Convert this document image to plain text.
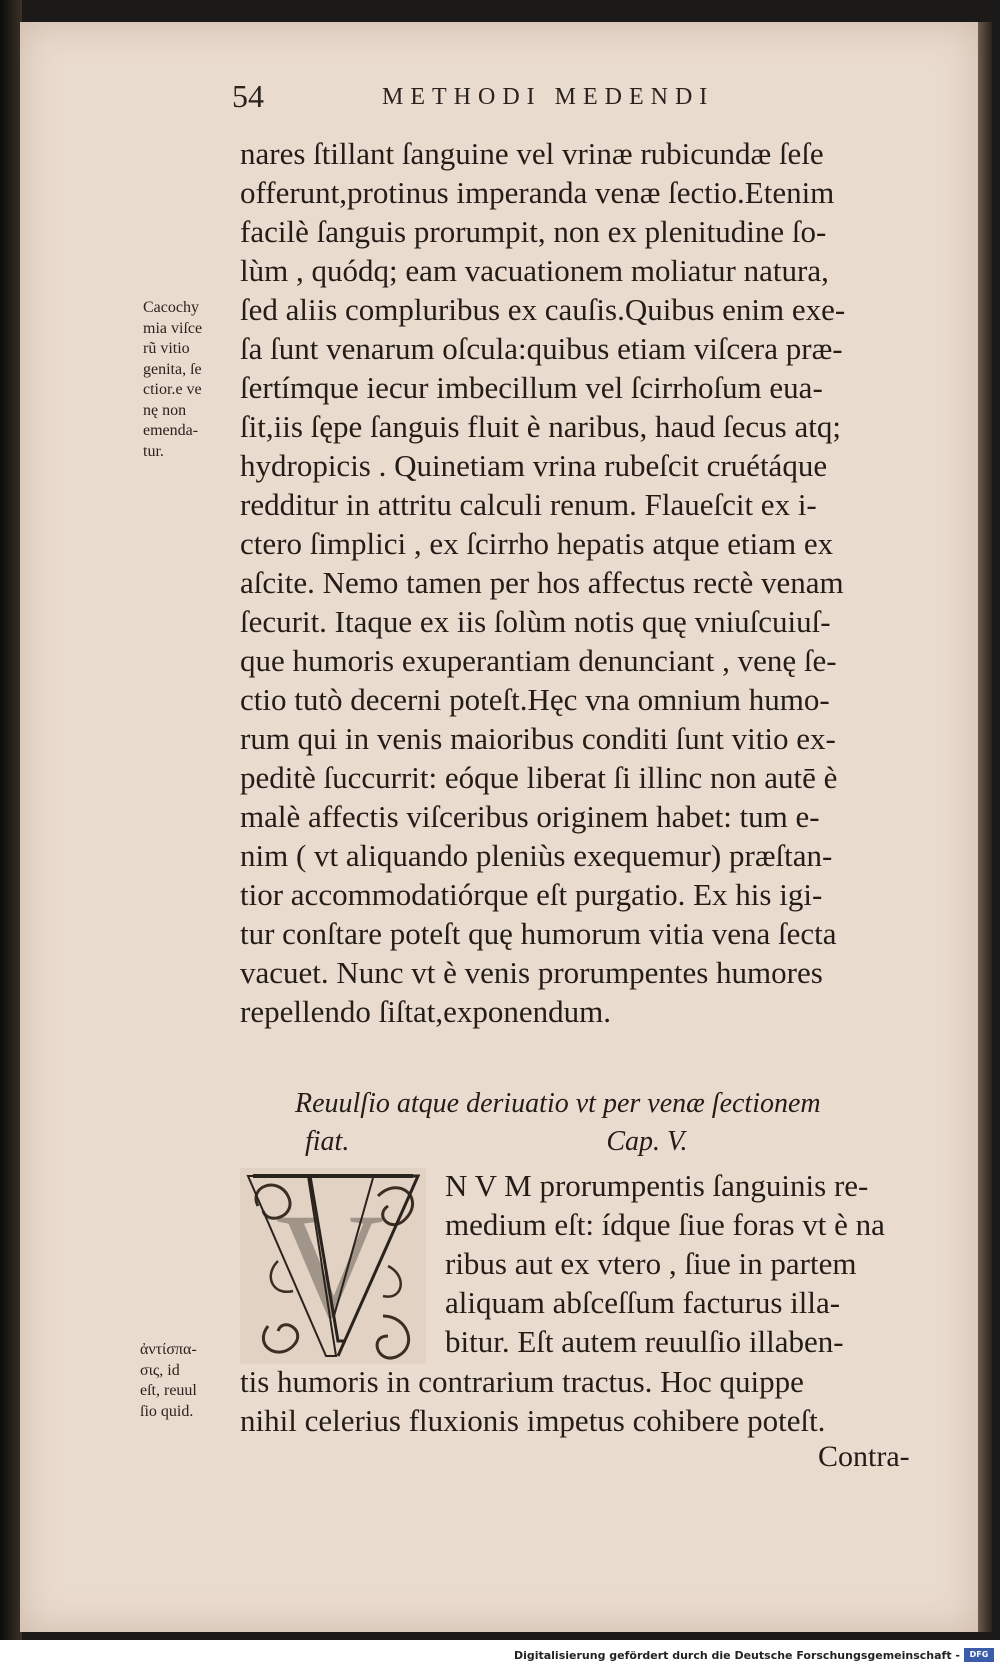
54	METHODI MEDENDI
nares ſtillant ſanguine vel vrinæ rubicundæ ſeſe
offerunt,protinus imperanda venæ ſectio.Etenim
facilè ſanguis prorumpit, non ex plenitudine ſo-
lùm , quódq; eam vacuationem moliatur natura,
ſed aliis compluribus ex cauſis.Quibus enim exe-
ſa ſunt venarum oſcula:quibus etiam viſcera præ-
ſertímque iecur imbecillum vel ſcirrhoſum eua-
ſit,iis ſępe ſanguis fluit è naribus, haud ſecus atq;
hydropicis . Quinetiam vrina rubeſcit cruétáque
redditur in attritu calculi renum. Flaueſcit ex i-
ctero ſimplici , ex ſcirrho hepatis atque etiam ex
aſcite. Nemo tamen per hos affectus rectè venam
ſecurit. Itaque ex iis ſolùm notis quę vniuſcuiuſ-
que humoris exuperantiam denunciant , venę ſe-
ctio tutò decerni poteſt.Hęc vna omnium humo-
rum qui in venis maioribus conditi ſunt vitio ex-
peditè ſuccurrit: eóque liberat ſi illinc non autē è
malè affectis viſceribus originem habet: tum e-
nim ( vt aliquando pleniùs exequemur) præſtan-
tior accommodatiórque eſt purgatio. Ex his igi-
tur conſtare poteſt quę humorum vitia vena ſecta
vacuet. Nunc vt è venis prorumpentes humores
repellendo ſiſtat,exponendum.
Cacochy
mia viſce
rũ vitio
genita, ſe
ctior.e ve
nę non
emenda-
tur.
Reuulſio atque deriuatio vt per venæ ſectionem
fiat.	Cap. V.
V N V M prorumpentis ſanguinis re-
medium eſt: ídque ſiue foras vt è na
ribus aut ex vtero , ſiue in partem
aliquam abſceſſum facturus illa-
bitur. Eſt autem reuulſio illaben-
tis humoris in contrarium tractus. Hoc quippe
nihil celerius fluxionis impetus cohibere poteſt.
ἀντίσπα-
σις, id
eſt, reuul
ſio quid.
Contra-
Digitalisierung gefördert durch die Deutsche Forschungsgemeinschaft -	DFG
